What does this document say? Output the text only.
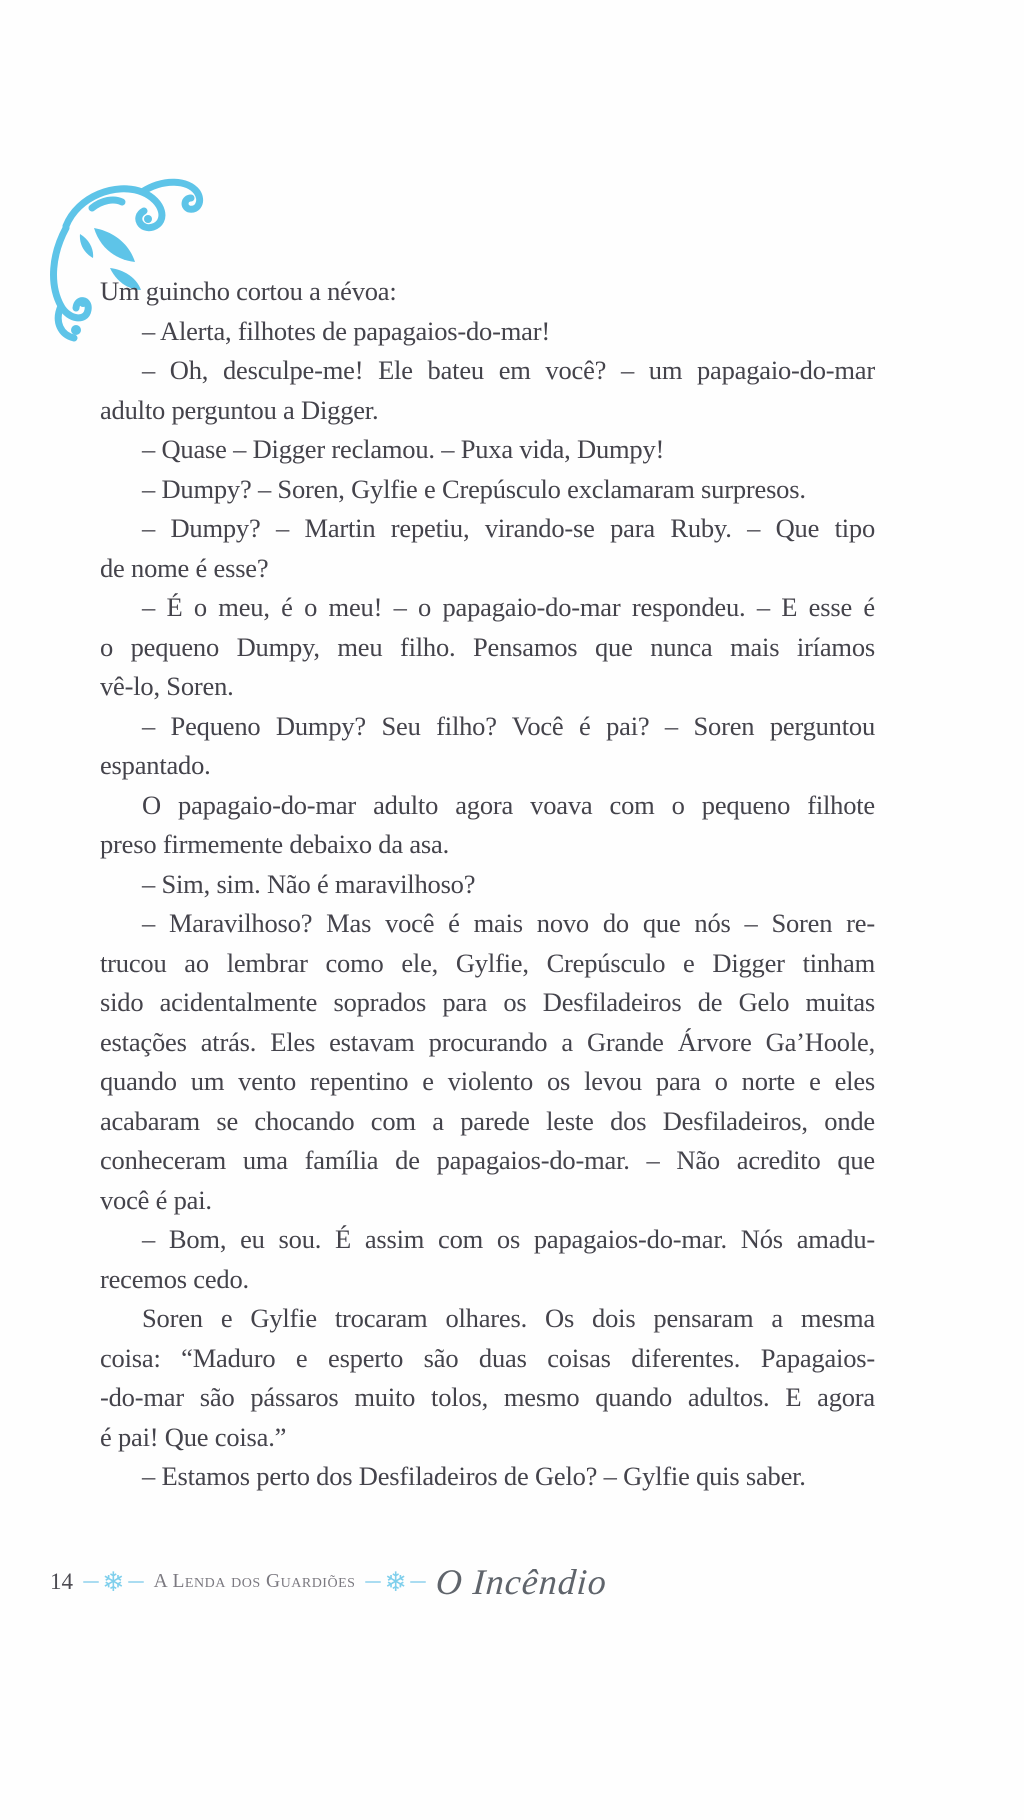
Um guincho cortou a névoa:
– Alerta, filhotes de papagaios-do-mar!
– Oh, desculpe-me! Ele bateu em você? – um papagaio-do-mar
adulto perguntou a Digger.
– Quase – Digger reclamou. – Puxa vida, Dumpy!
– Dumpy? – Soren, Gylfie e Crepúsculo exclamaram surpresos.
– Dumpy? – Martin repetiu, virando-se para Ruby. – Que tipo
de nome é esse?
– É o meu, é o meu! – o papagaio-do-mar respondeu. – E esse é
o pequeno Dumpy, meu filho. Pensamos que nunca mais iríamos
vê-lo, Soren.
– Pequeno Dumpy? Seu filho? Você é pai? – Soren perguntou
espantado.
O papagaio-do-mar adulto agora voava com o pequeno filhote
preso firmemente debaixo da asa.
– Sim, sim. Não é maravilhoso?
– Maravilhoso? Mas você é mais novo do que nós – Soren re-
trucou ao lembrar como ele, Gylfie, Crepúsculo e Digger tinham
sido acidentalmente soprados para os Desfiladeiros de Gelo muitas
estações atrás. Eles estavam procurando a Grande Árvore Ga’Hoole,
quando um vento repentino e violento os levou para o norte e eles
acabaram se chocando com a parede leste dos Desfiladeiros, onde
conheceram uma família de papagaios-do-mar. – Não acredito que
você é pai.
– Bom, eu sou. É assim com os papagaios-do-mar. Nós amadu-
recemos cedo.
Soren e Gylfie trocaram olhares. Os dois pensaram a mesma
coisa: “Maduro e esperto são duas coisas diferentes. Papagaios-
-do-mar são pássaros muito tolos, mesmo quando adultos. E agora
é pai! Que coisa.”
– Estamos perto dos Desfiladeiros de Gelo? – Gylfie quis saber.
14 ❄ A Lenda dos Guardiões ❄ O Incêndio
